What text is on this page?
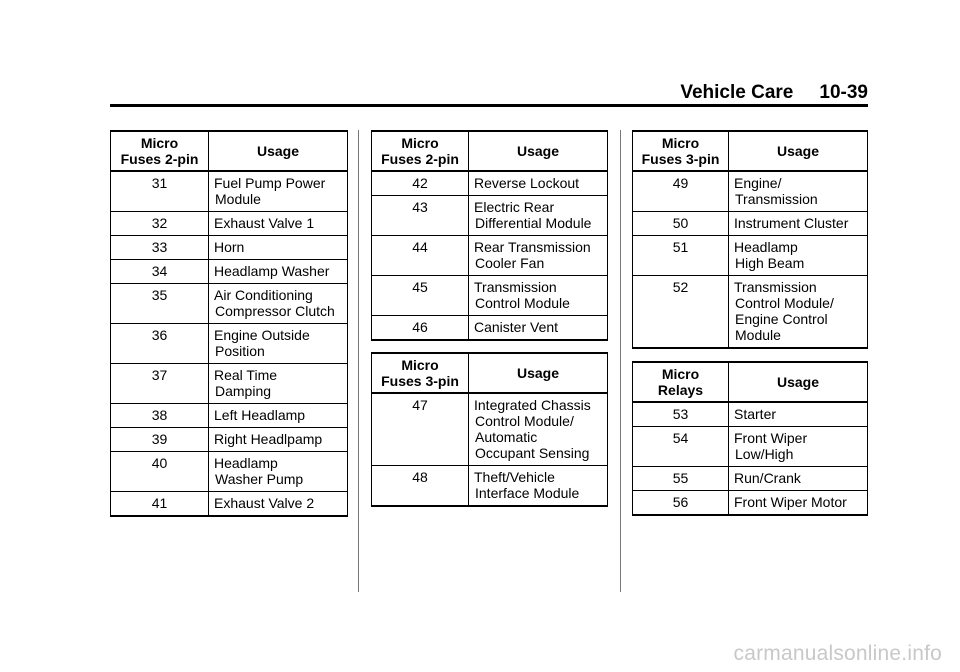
Vehicle Care 10-39
Micro
Fuses 2-pin	Usage
31	Fuel Pump Power
Module

32	Exhaust Valve 1

33	Horn

34	Headlamp Washer

35	Air Conditioning
Compressor Clutch

36	Engine Outside
Position

37	Real Time
Damping

38	Left Headlamp

39	Right Headlpamp

40	Headlamp
Washer Pump

41	Exhaust Valve 2
Micro
Fuses 2-pin	Usage
42	Reverse Lockout

43	Electric Rear
Differential Module

44	Rear Transmission
Cooler Fan

45	Transmission
Control Module

46	Canister Vent
Micro
Fuses 3-pin	Usage
47	Integrated Chassis
Control Module/
Automatic
Occupant Sensing

48	Theft/Vehicle
Interface Module
Micro
Fuses 3-pin	Usage
49	Engine/
Transmission

50	Instrument Cluster

51	Headlamp
High Beam

52	Transmission
Control Module/
Engine Control
Module
Micro
Relays	Usage
53	Starter

54	Front Wiper
Low/High

55	Run/Crank

56	Front Wiper Motor
carmanualsonline.info
